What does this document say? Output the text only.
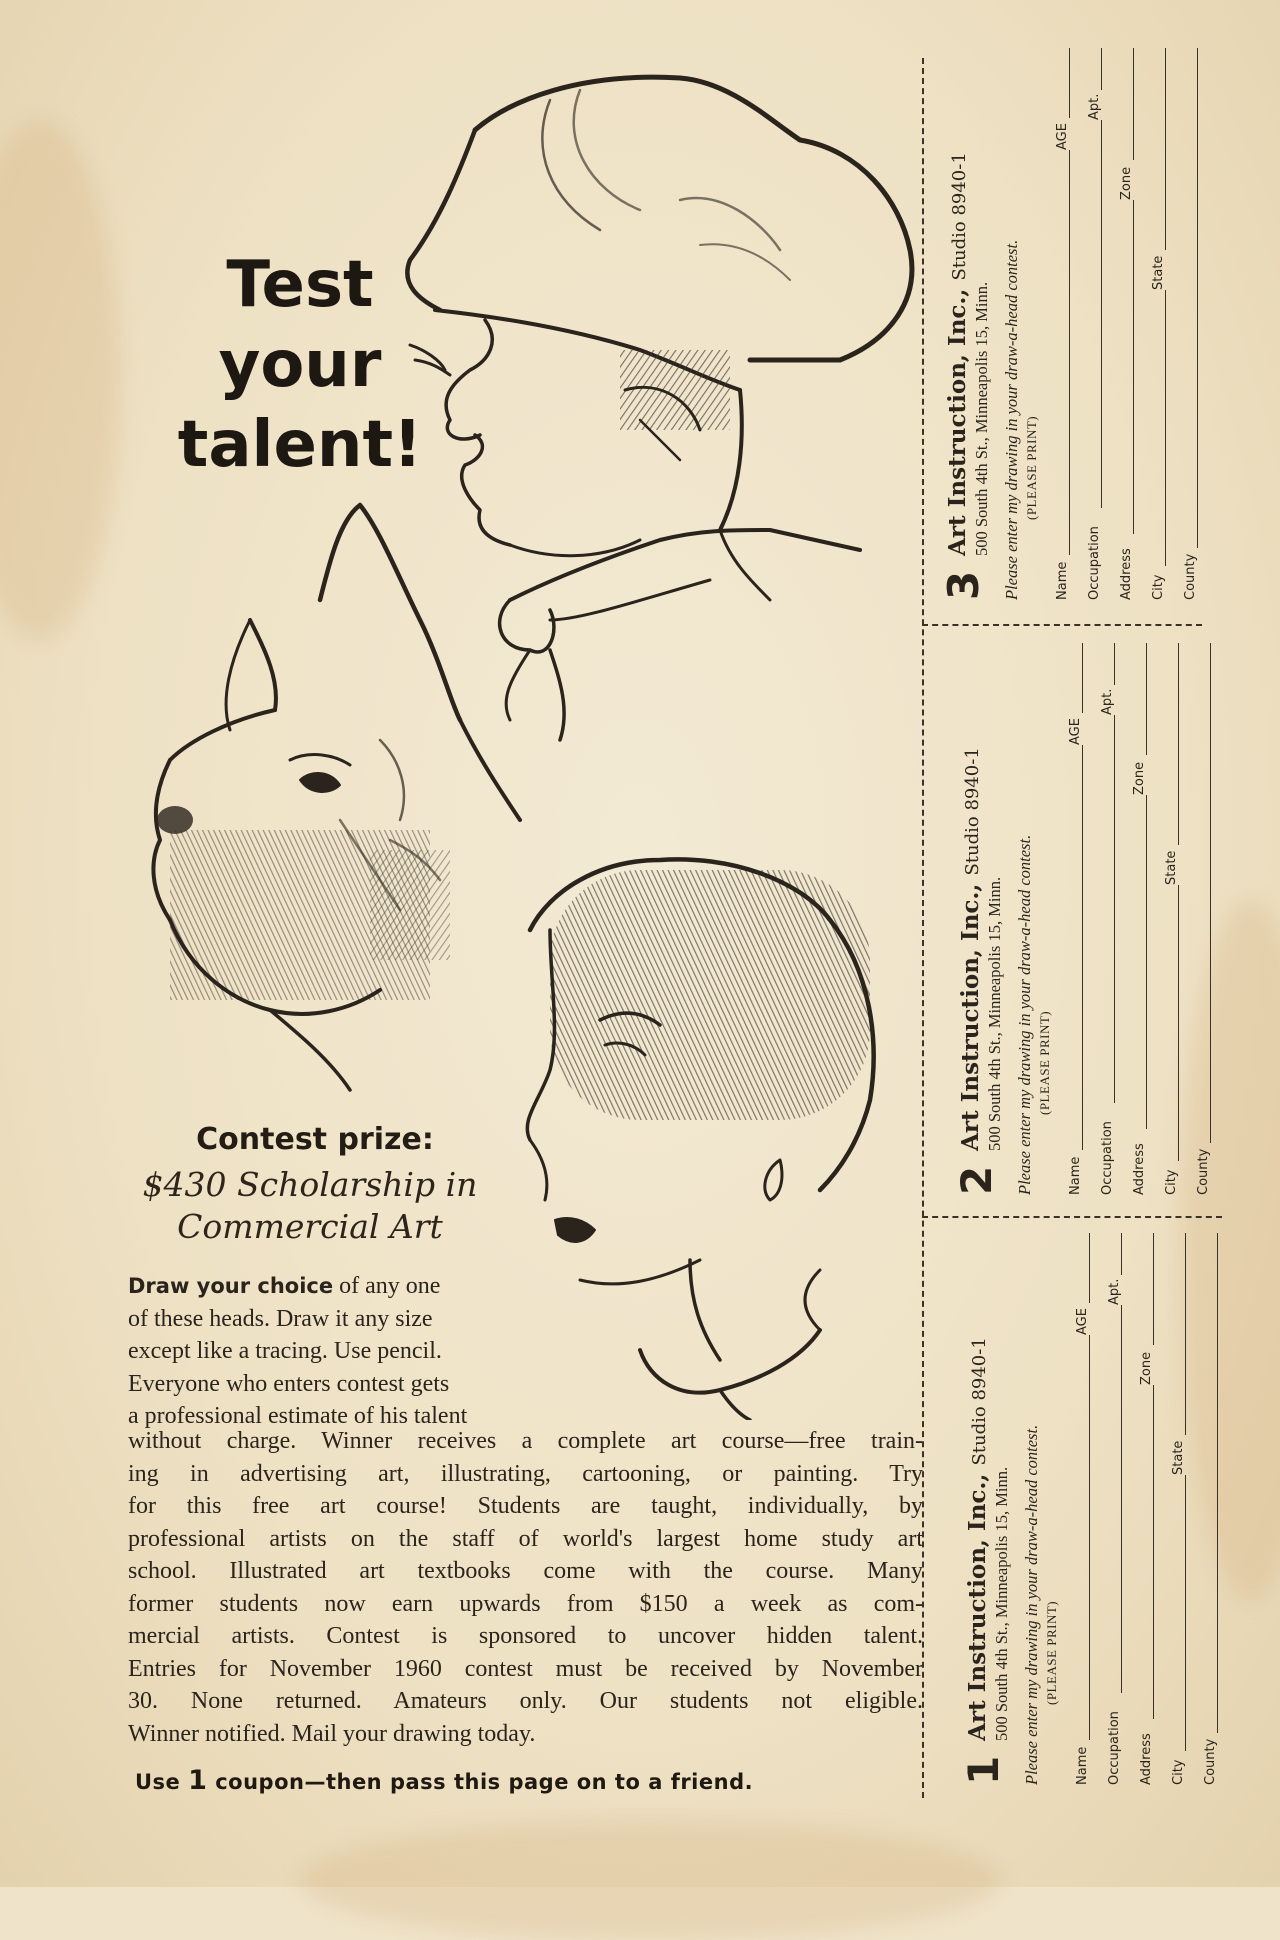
Test
your
talent!
Contest prize:
$430 Scholarship in
Commercial Art
Draw your choice of any one
of these heads. Draw it any size
except like a tracing. Use pencil.
Everyone who enters contest gets
a professional estimate of his talent
without charge. Winner receives a complete art course—free train-
ing in advertising art, illustrating, cartooning, or painting. Try
for this free art course! Students are taught, individually, by
professional artists on the staff of world's largest home study art
school. Illustrated art textbooks come with the course. Many
former students now earn upwards from $150 a week as com-
mercial artists. Contest is sponsored to uncover hidden talent.
Entries for November 1960 contest must be received by November
30. None returned. Amateurs only. Our students not eligible.
Winner notified. Mail your drawing today.
Use 1 coupon—then pass this page on to a friend.
3
Art Instruction, Inc., Studio 8940-1
500 South 4th St., Minneapolis 15, Minn. Please enter my drawing in your draw-a-head contest. (PLEASE PRINT)
Name
AGE
Occupation
Apt.
Address
Zone
City
State
County
2
Art Instruction, Inc., Studio 8940-1
500 South 4th St., Minneapolis 15, Minn. Please enter my drawing in your draw-a-head contest. (PLEASE PRINT)
Name
AGE
Occupation
Apt.
Address
Zone
City
State
County
1
Art Instruction, Inc., Studio 8940-1
500 South 4th St., Minneapolis 15, Minn. Please enter my drawing in your draw-a-head contest. (PLEASE PRINT)
Name
AGE
Occupation
Apt.
Address
Zone
City
State
County
